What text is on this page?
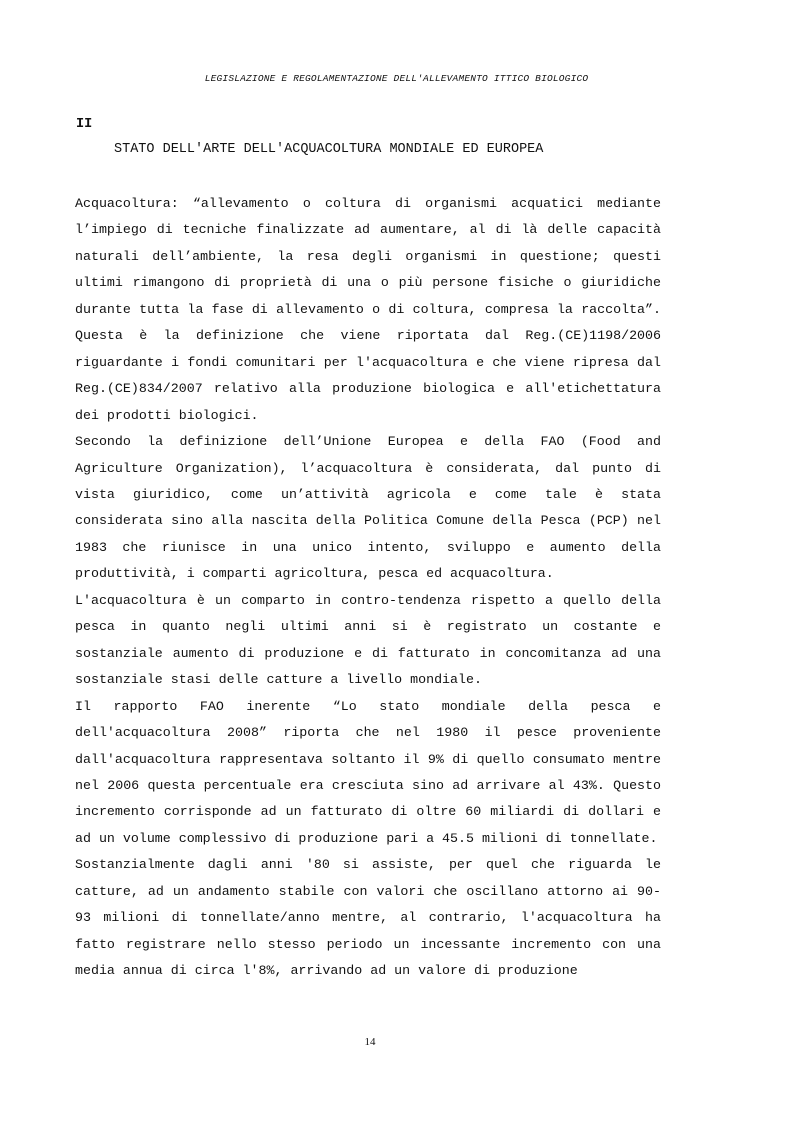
LEGISLAZIONE E REGOLAMENTAZIONE DELL'ALLEVAMENTO ITTICO BIOLOGICO
II
STATO DELL'ARTE DELL'ACQUACOLTURA MONDIALE ED EUROPEA

Acquacoltura: “allevamento o coltura di organismi acquatici mediante l’impiego di tecniche finalizzate ad aumentare, al di là delle capacità naturali dell’ambiente, la resa degli organismi in questione; questi ultimi rimangono di proprietà di una o più persone fisiche o giuridiche durante tutta la fase di allevamento o di coltura, compresa la raccolta”. Questa è la definizione che viene riportata dal Reg.(CE)1198/2006 riguardante i fondi comunitari per l'acquacoltura e che viene ripresa dal Reg.(CE)834/2007 relativo alla produzione biologica e all'etichettatura dei prodotti biologici.

Secondo la definizione dell’Unione Europea e della FAO (Food and Agriculture Organization), l’acquacoltura è considerata, dal punto di vista giuridico, come un’attività agricola e come tale è stata considerata sino alla nascita della Politica Comune della Pesca (PCP) nel 1983 che riunisce in una unico intento, sviluppo e aumento della produttività, i comparti agricoltura, pesca ed acquacoltura.

L'acquacoltura è un comparto in contro-tendenza rispetto a quello della pesca in quanto negli ultimi anni si è registrato un costante e sostanziale aumento di produzione e di fatturato in concomitanza ad una sostanziale stasi delle catture a livello mondiale.

Il rapporto FAO inerente “Lo stato mondiale della pesca e dell'acquacoltura 2008” riporta che nel 1980 il pesce proveniente dall'acquacoltura rappresentava soltanto il 9% di quello consumato mentre nel 2006 questa percentuale era cresciuta sino ad arrivare al 43%. Questo incremento corrisponde ad un fatturato di oltre 60 miliardi di dollari e ad un volume complessivo di produzione pari a 45.5 milioni di tonnellate.

Sostanzialmente dagli anni '80 si assiste, per quel che riguarda le catture, ad un andamento stabile con valori che oscillano attorno ai 90-93 milioni di tonnellate/anno mentre, al contrario, l'acquacoltura ha fatto registrare nello stesso periodo un incessante incremento con una media annua di circa l'8%, arrivando ad un valore di produzione

14
